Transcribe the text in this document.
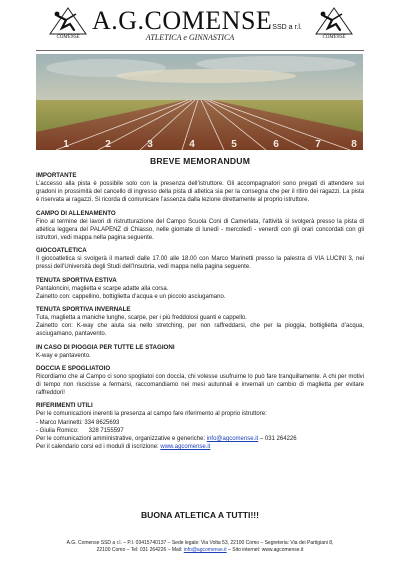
COMENSE
A.G.COMENSESSD a r.l.
ATLETICA e GINNASTICA	COMENSE
1	2	3	4	5	6	7	8
BREVE MEMORANDUM
IMPORTANTE

L’accesso alla pista è possibile solo con la presenza dell’istruttore. Gli accompagnatori sono pregati di attendere sui gradoni in prossimità del cancello di ingresso della pista di atletica sia per la consegna che per il ritiro dei ragazzi. La pista è riservata ai ragazzi. Si ricorda di comunicare l’assenza dalla lezione direttamente al proprio istruttore.

CAMPO DI ALLENAMENTO

Fino al termine dei lavori di ristrutturazione del Campo Scuola Coni di Camerlata, l’attività si svolgerà presso la pista di atletica leggera del PALAPENZ di Chiasso, nelle giornate di lunedì - mercoledì - venerdì con gli orari concordati con gli istruttori, vedi mappa nella pagina seguente.

GIOCOATLETICA

Il giocoatletica si svolgerà il martedì dalle 17.00 alle 18.00 con Marco Marinetti presso la palestra di VIA LUCINI 3, nei pressi dell’Università degli Studi dell’Insubria, vedi mappa nella pagina seguente.

TENUTA SPORTIVA ESTIVA
Pantaloncini, maglietta e scarpe adatte alla corsa.
Zainetto con: cappellino, bottiglietta d’acqua e un piccolo asciugamano.
TENUTA SPORTIVA INVERNALE
Tuta, maglietta a maniche lunghe, scarpe, per i più freddolosi guanti e cappello.

Zainetto con: K-way che aiuta sia nello stretching, per non raffreddarsi, che per la pioggia, bottiglietta d’acqua, asciugamano, pantavento.

IN CASO DI PIOGGIA PER TUTTE LE STAGIONI

K-way e pantavento.

DOCCIA E SPOGLIATOIO

Ricordiamo che al Campo ci sono spogliatoi con doccia, chi volesse usufruirne lo può fare tranquillamente. A chi per motivi di tempo non riuscisse a fermarsi, raccomandiamo nei mesi autunnali e invernali un cambio di maglietta per evitare raffreddori!

RIFERIMENTI UTILI
Per le comunicazioni inerenti la presenza al campo fare riferimento al proprio istruttore:
- Marco Marinetti: 334 8625693
- Giulia Romico:      328 7155597
Per le comunicazioni amministrative, organizzative e generiche: info@agcomense.it – 031 264226
Per il calendario corsi ed i moduli di iscrizione: www.agcomense.it
BUONA ATLETICA A TUTTI!!!
A.G. Comense SSD a r.l. – P.I. 03415740137 – Sede legale: Via Volta 53, 22100 Como – Segreteria: Via dei Partigiani 8,
22100 Como – Tel: 031 264226 – Mail: info@agcomense.it – Sito internet: www.agcomense.it
